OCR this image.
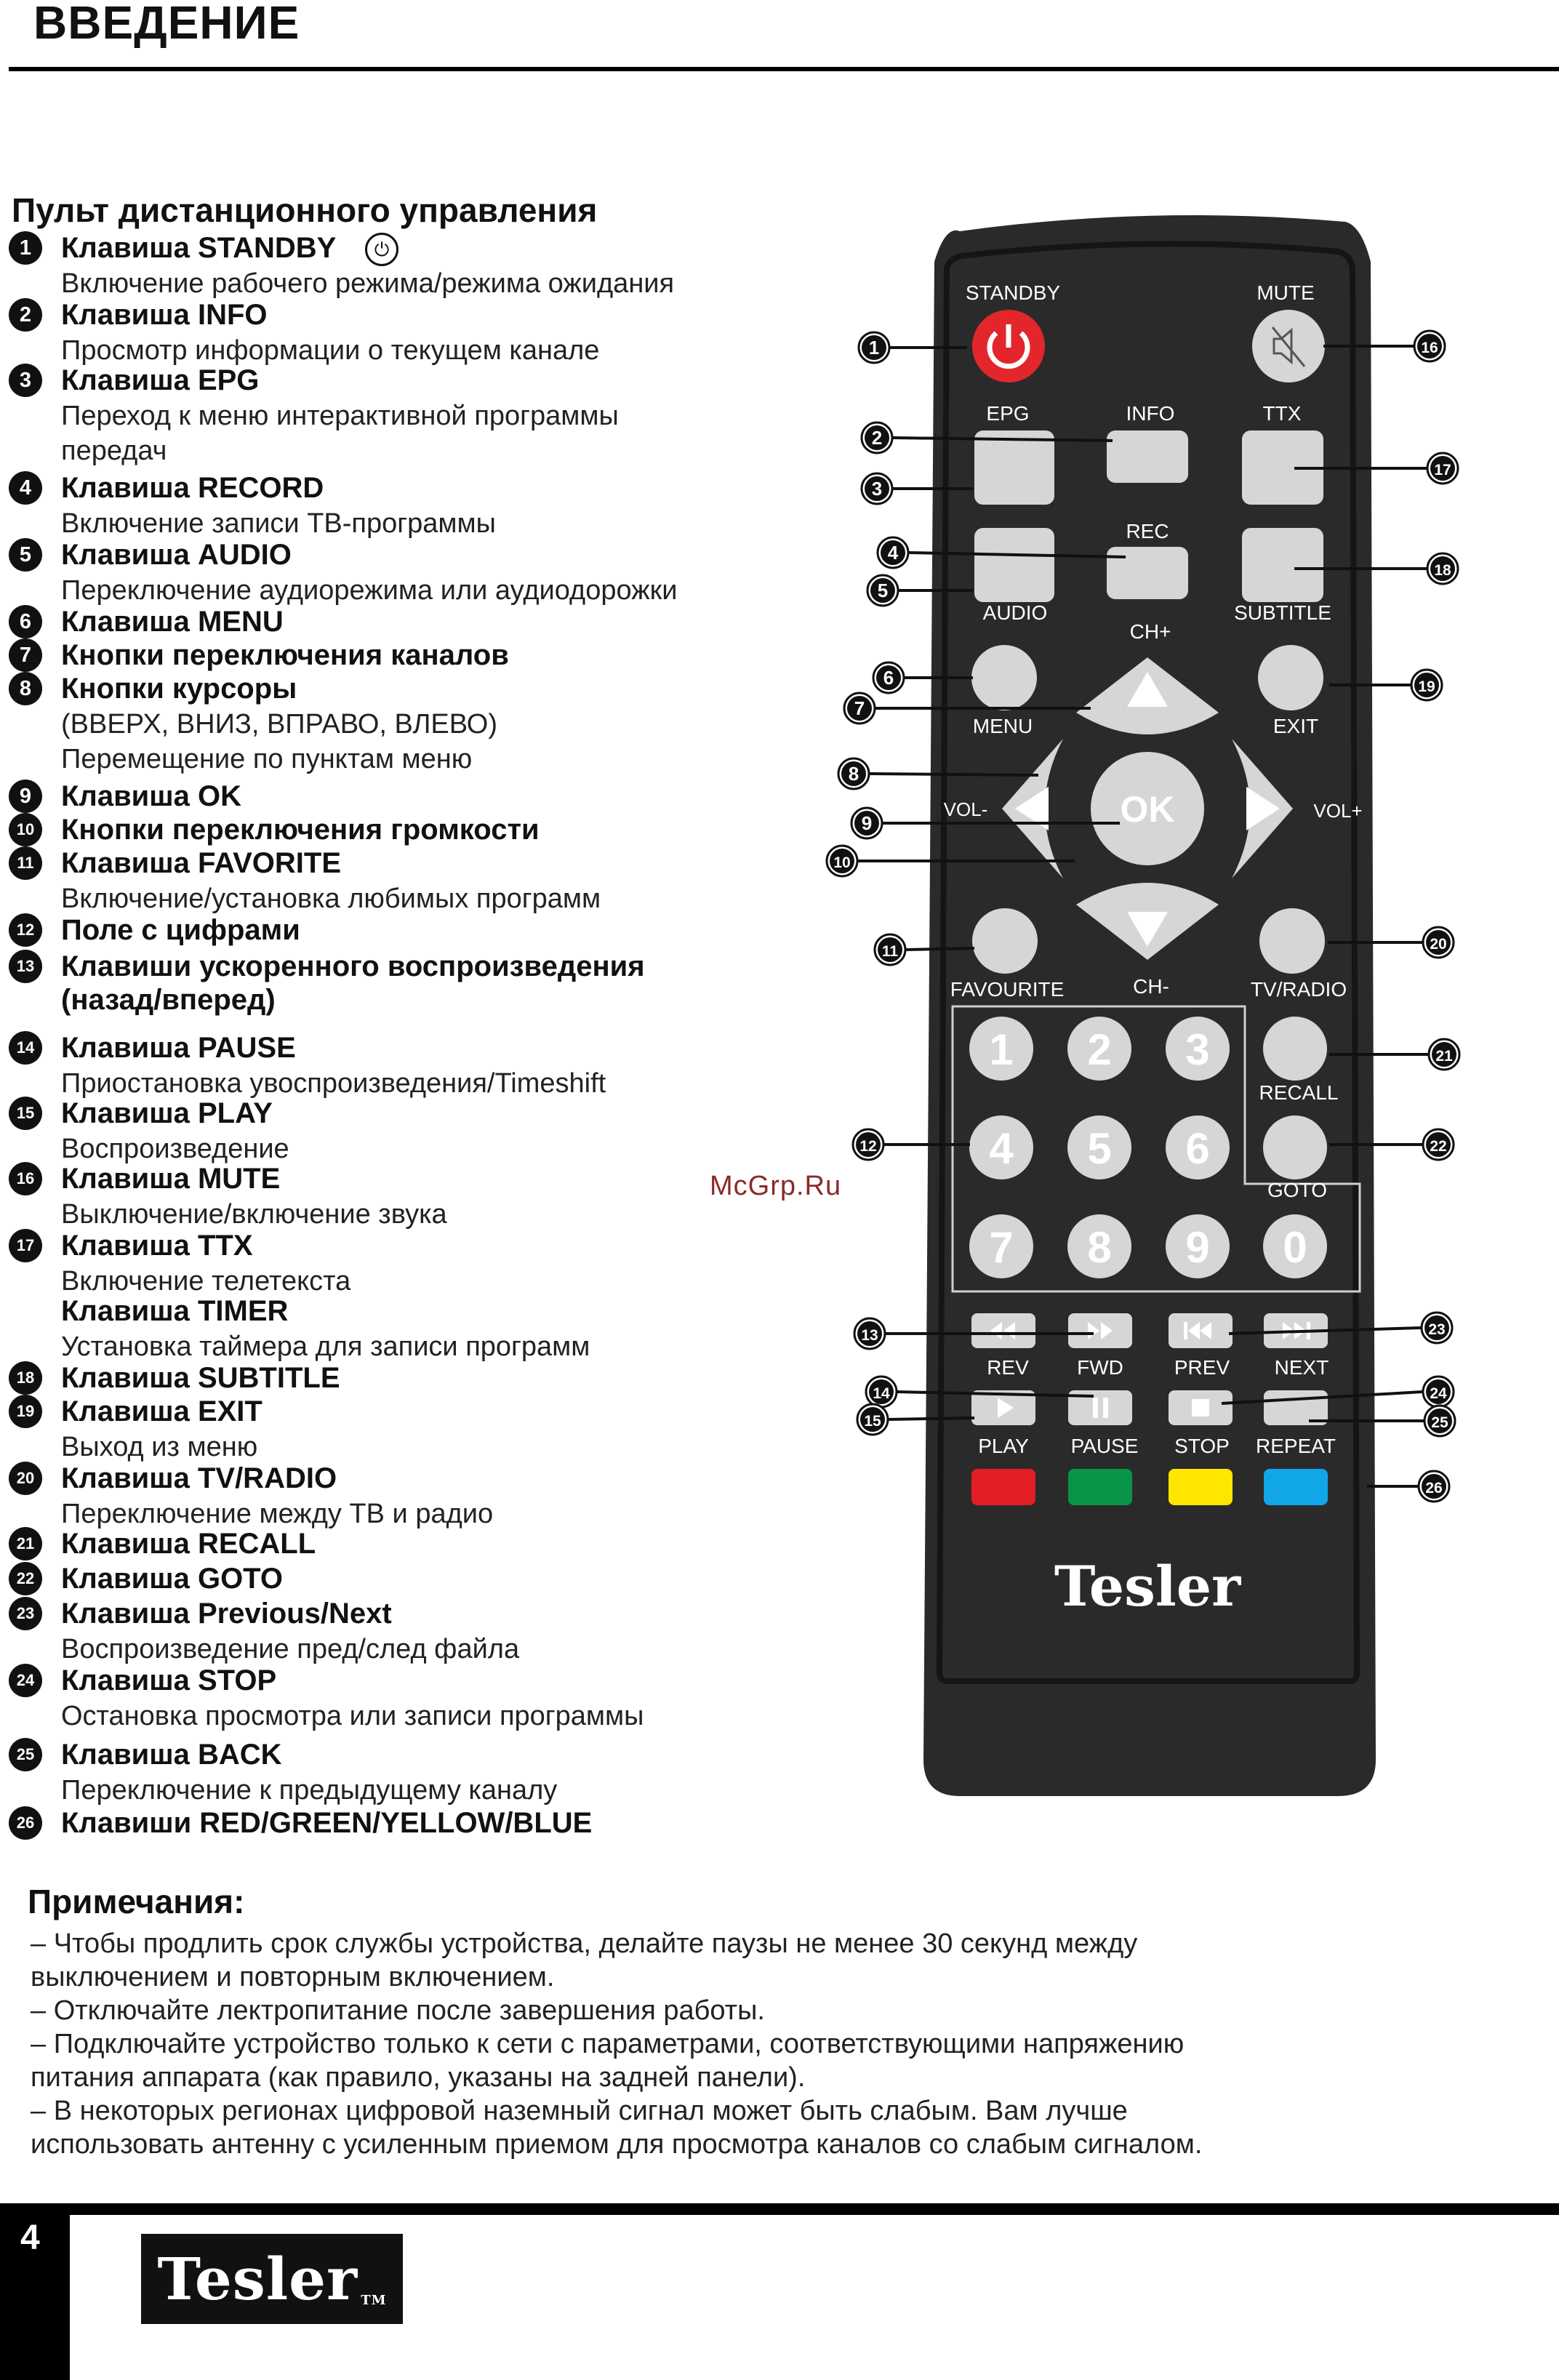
ВВЕДЕНИЕ
Пульт дистанционного управления
1	Клавиша STANDBY	⏻
Включение рабочего режима/режима ожидания
2	Клавиша INFO
Просмотр информации о текущем канале
3	Клавиша EPG
Переход к меню интерактивной программы
передач
4	Клавиша RECORD
Включение записи ТВ-программы
5	Клавиша AUDIO
Переключение аудиорежима или аудиодорожки
6	Клавиша MENU
7	Кнопки переключения каналов
8	Кнопки курсоры
(ВВЕРХ, ВНИЗ, ВПРАВО, ВЛЕВО)
Перемещение по пунктам меню
9	Клавиша OK
10 Кнопки переключения громкости
11 Клавиша FAVORITE
Включение/установка любимых программ
12 Поле с цифрами
13 Клавиши ускоренного воспроизведения
(назад/вперед)
14 Клавиша PAUSE
Приостановка увоспроизведения/Timeshift
15 Клавиша PLAY
Воспроизведение
16 Клавиша MUTE
Выключение/включение звука
17 Клавиша TTX
Включение телетекста
Клавиша TIMER
Установка таймера для записи программ
18 Клавиша SUBTITLE
19 Клавиша EXIT
Выход из меню
20 Клавиша TV/RADIO
Переключение между ТВ и радио
21 Клавиша RECALL
22 Клавиша GOTO
23 Клавиша Previous/Next
Воспроизведение пред/след файла
24 Клавиша STOP
Остановка просмотра или записи программы
25 Клавиша BACK
Переключение к предыдущему каналу
26 Клавиши RED/GREEN/YELLOW/BLUE
McGrp.Ru
STANDBY	MUTE
EPG	INFO	TTX
REC
AUDIO	SUBTITLE
CH+
MENU	EXIT
OK
VOL-	VOL+
FAVOURITE	CH-	TV/RADIO
1 2 3
4 5 6
7 8 9 0
RECALL
GOTO
REV FWD PREV NEXT
PLAY PAUSE STOP REPEAT
Tesler
1
2
3
4
5
6
7
8
9
10
11
12
13
14
15
16
17
18
19
20
21
22
23
24
25
26
Примечания:
– Чтобы продлить срок службы устройства, делайте паузы не менее 30 секунд между
выключением и повторным включением.
– Отключайте лектропитание после завершения работы.
– Подключайте устройство только к сети с параметрами, соответствующими напряжению
питания аппарата (как правило, указаны на задней панели).
– В некоторых регионах цифровой наземный сигнал может быть слабым. Вам лучше
использовать антенну с усиленным приемом для просмотра каналов со слабым сигналом.
4
Tesler TM
